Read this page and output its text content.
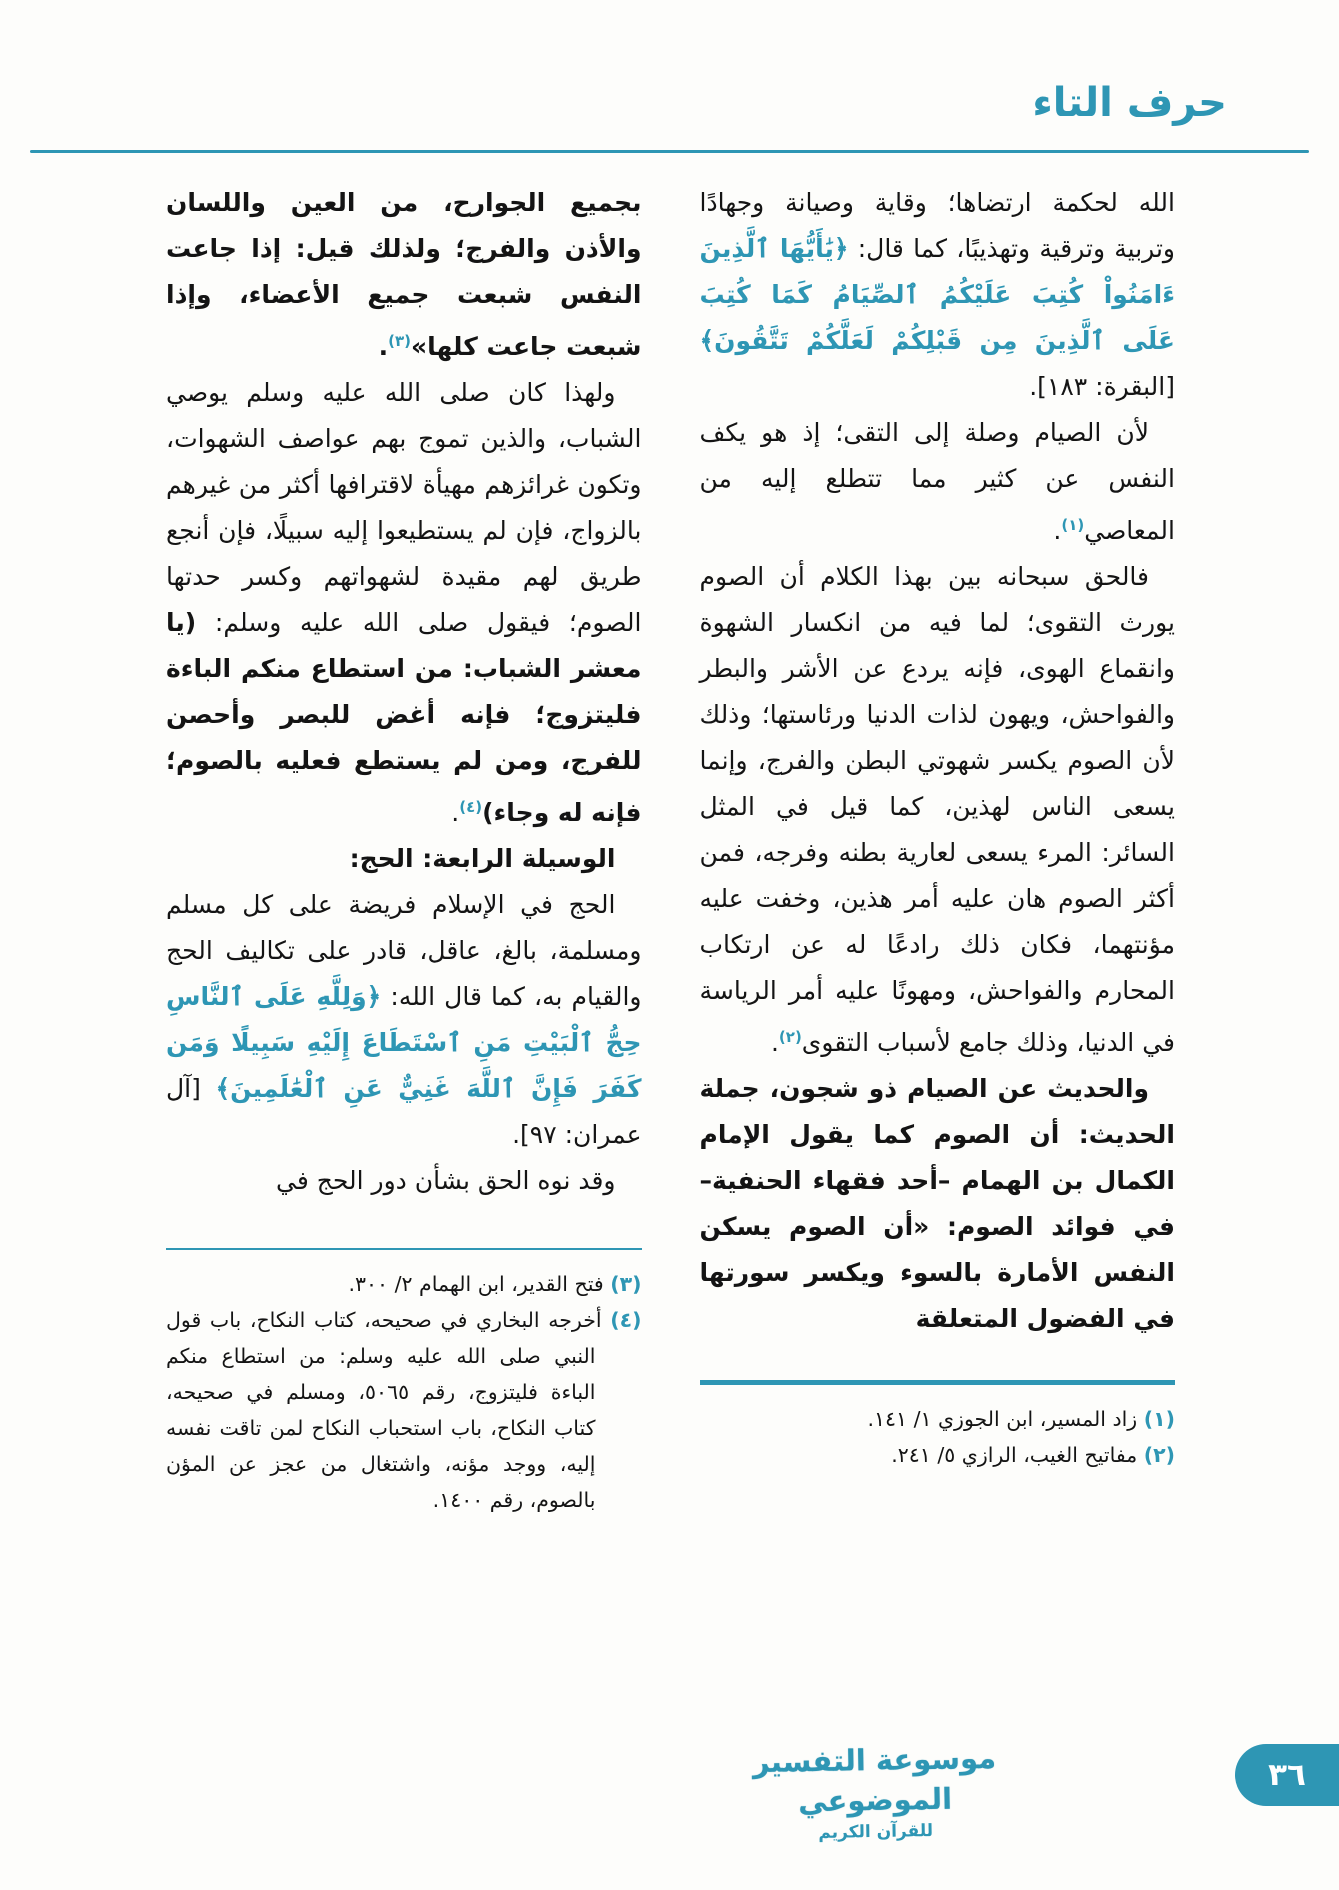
حرف التاء

الله لحكمة ارتضاها؛ وقاية وصيانة وجهادًا وتربية وترقية وتهذيبًا، كما قال: ﴿يَٰأَيُّهَا ٱلَّذِينَ ءَامَنُواْ كُتِبَ عَلَيْكُمُ ٱلصِّيَامُ كَمَا كُتِبَ عَلَى ٱلَّذِينَ مِن قَبْلِكُمْ لَعَلَّكُمْ تَتَّقُونَ﴾ [البقرة: ١٨٣].

لأن الصيام وصلة إلى التقى؛ إذ هو يكف النفس عن كثير مما تتطلع إليه من المعاصي$^{(١)}$.

فالحق سبحانه بين بهذا الكلام أن الصوم يورث التقوى؛ لما فيه من انكسار الشهوة وانقماع الهوى، فإنه يردع عن الأشر والبطر والفواحش، ويهون لذات الدنيا ورئاستها؛ وذلك لأن الصوم يكسر شهوتي البطن والفرج، وإنما يسعى الناس لهذين، كما قيل في المثل السائر: المرء يسعى لعارية بطنه وفرجه، فمن أكثر الصوم هان عليه أمر هذين، وخفت عليه مؤنتهما، فكان ذلك رادعًا له عن ارتكاب المحارم والفواحش، ومهونًا عليه أمر الرياسة في الدنيا، وذلك جامع لأسباب التقوى$^{(٢)}$.

والحديث عن الصيام ذو شجون، جملة الحديث: أن الصوم كما يقول الإمام الكمال بن الهمام –أحد فقهاء الحنفية– في فوائد الصوم: «أن الصوم يسكن النفس الأمارة بالسوء ويكسر سورتها في الفضول المتعلقة

(١) زاد المسير، ابن الجوزي ١/ ١٤١.
(٢) مفاتيح الغيب، الرازي ٥/ ٢٤١.

بجميع الجوارح، من العين واللسان والأذن والفرج؛ ولذلك قيل: إذا جاعت النفس شبعت جميع الأعضاء، وإذا شبعت جاعت كلها»$^{(٣)}$.

ولهذا كان صلى الله عليه وسلم يوصي الشباب، والذين تموج بهم عواصف الشهوات، وتكون غرائزهم مهيأة لاقترافها أكثر من غيرهم بالزواج، فإن لم يستطيعوا إليه سبيلًا، فإن أنجع طريق لهم مقيدة لشهواتهم وكسر حدتها الصوم؛ فيقول صلى الله عليه وسلم: (يا معشر الشباب: من استطاع منكم الباءة فليتزوج؛ فإنه أغض للبصر وأحصن للفرج، ومن لم يستطع فعليه بالصوم؛ فإنه له وجاء)$^{(٤)}$.

الوسيلة الرابعة: الحج:

الحج في الإسلام فريضة على كل مسلم ومسلمة، بالغ، عاقل، قادر على تكاليف الحج والقيام به، كما قال الله: ﴿وَلِلَّهِ عَلَى ٱلنَّاسِ حِجُّ ٱلْبَيْتِ مَنِ ٱسْتَطَاعَ إِلَيْهِ سَبِيلًا وَمَن كَفَرَ فَإِنَّ ٱللَّهَ غَنِيٌّ عَنِ ٱلْعَٰلَمِينَ﴾ [آل عمران: ٩٧].

وقد نوه الحق بشأن دور الحج في

(٣) فتح القدير، ابن الهمام ٢/ ٣٠٠.
(٤) أخرجه البخاري في صحيحه، كتاب النكاح، باب قول النبي صلى الله عليه وسلم: من استطاع منكم الباءة فليتزوج، رقم ٥٠٦٥، ومسلم في صحيحه، كتاب النكاح، باب استحباب النكاح لمن تاقت نفسه إليه، ووجد مؤنه، واشتغال من عجز عن المؤن بالصوم، رقم ١٤٠٠.
موسوعة التفسير الموضوعي
للقرآن الكريم
٣٦
